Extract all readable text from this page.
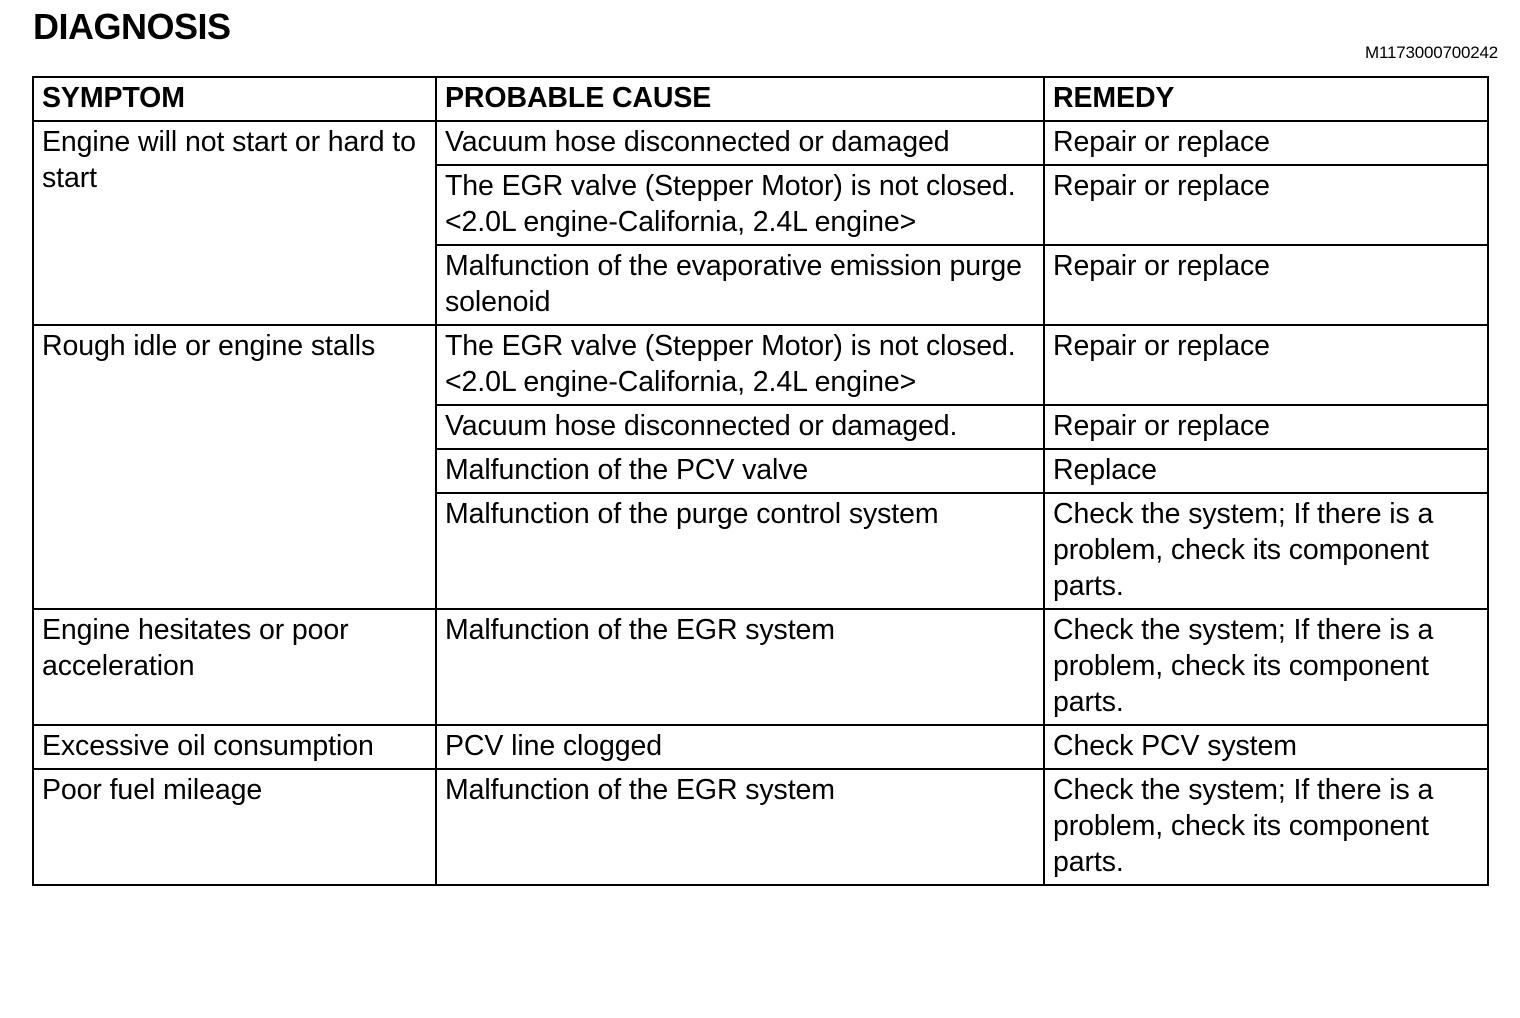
DIAGNOSIS
M1173000700242
SYMPTOM	PROBABLE CAUSE	REMEDY
Engine will not start or hard to start	Vacuum hose disconnected or damaged	Repair or replace
	The EGR valve (Stepper Motor) is not closed. <2.0L engine-California, 2.4L engine>	Repair or replace
	Malfunction of the evaporative emission purge solenoid	Repair or replace
Rough idle or engine stalls	The EGR valve (Stepper Motor) is not closed. <2.0L engine-California, 2.4L engine>	Repair or replace
	Vacuum hose disconnected or damaged.	Repair or replace
	Malfunction of the PCV valve	Replace
	Malfunction of the purge control system	Check the system; If there is a problem, check its component parts.
Engine hesitates or poor acceleration	Malfunction of the EGR system	Check the system; If there is a problem, check its component parts.
Excessive oil consumption	PCV line clogged	Check PCV system
Poor fuel mileage	Malfunction of the EGR system	Check the system; If there is a problem, check its component parts.
